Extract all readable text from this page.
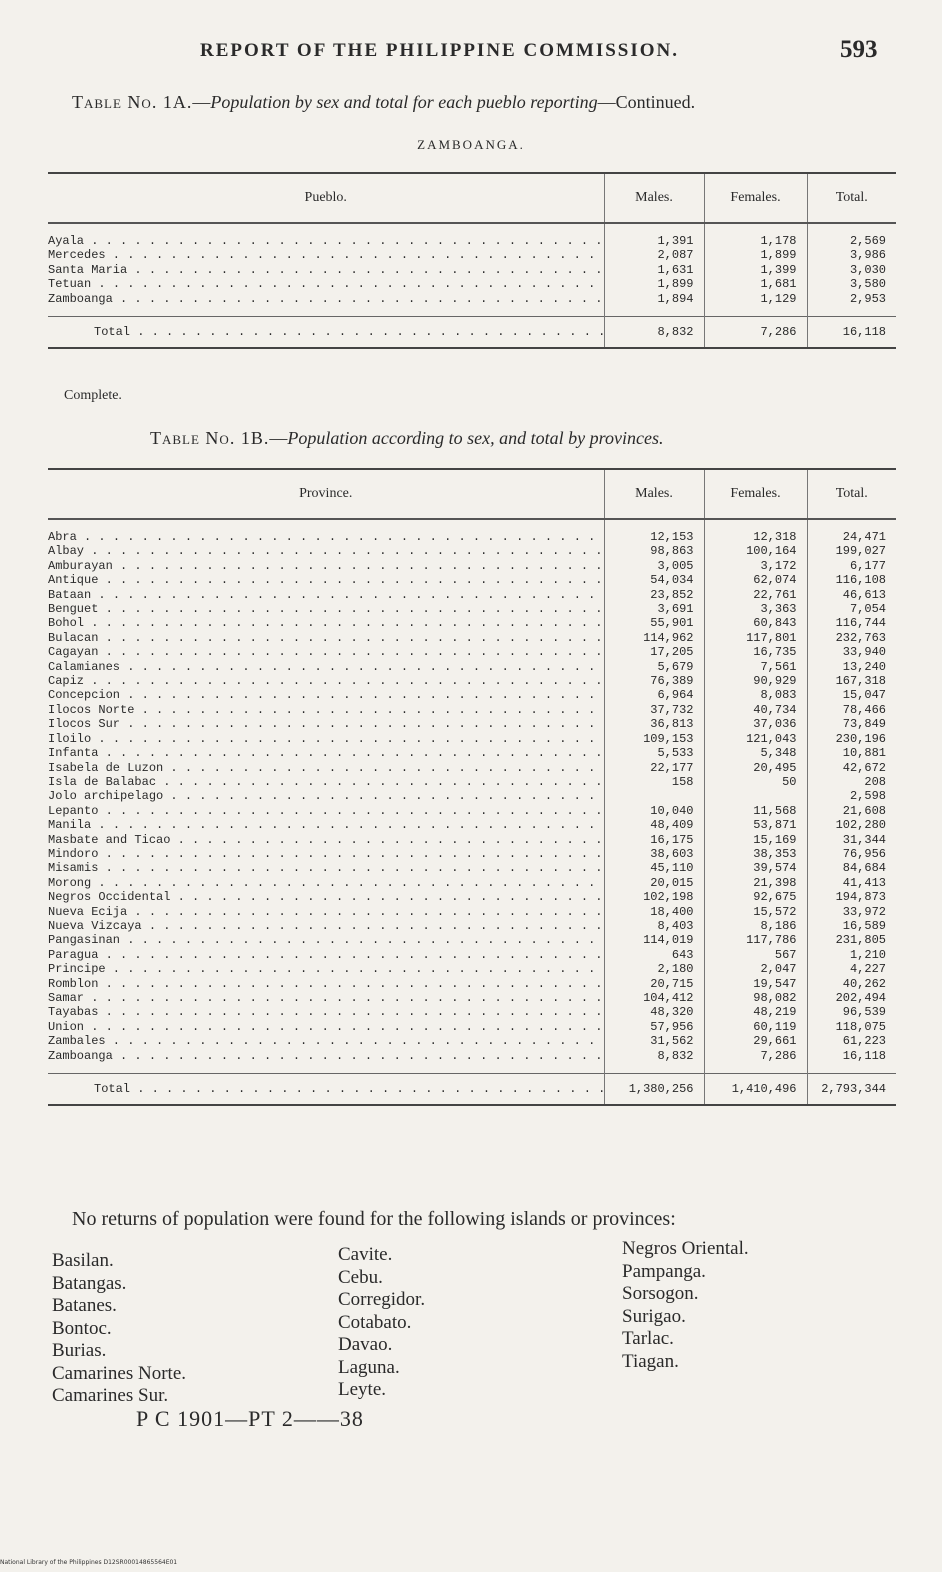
REPORT OF THE PHILIPPINE COMMISSION.	593
Table No. 1A.—Population by sex and total for each pueblo reporting—Continued.
ZAMBOANGA.
Pueblo.	Males.	Females.	Total.

Ayala . . .	1,391	1,178	2,569

Mercedes . . .	2,087	1,899	3,986

Santa Maria . . .	1,631	1,399	3,030

Tetuan . . .	1,899	1,681	3,580

Zamboanga . . .	1,894	1,129	2,953

Total . . .	8,832	7,286	16,118

Complete.
Table No. 1B.—Population according to sex, and total by provinces.
Province.	Males.	Females.	Total.

Abra . . .	12,153	12,318	24,471

Albay . . .	98,863	100,164	199,027

Amburayan . . .	3,005	3,172	6,177

Antique . . .	54,034	62,074	116,108

Bataan . . .	23,852	22,761	46,613

Benguet . . .	3,691	3,363	7,054

Bohol . . .	55,901	60,843	116,744

Bulacan . . .	114,962	117,801	232,763

Cagayan . . .	17,205	16,735	33,940

Calamianes . . .	5,679	7,561	13,240

Capiz . . .	76,389	90,929	167,318

Concepcion . . .	6,964	8,083	15,047

Ilocos Norte . . .	37,732	40,734	78,466

Ilocos Sur . . .	36,813	37,036	73,849

Iloilo . . .	109,153	121,043	230,196

Infanta . . .	5,533	5,348	10,881

Isabela de Luzon . . .	22,177	20,495	42,672

Isla de Balabac . . .	158	50	208

Jolo archipelago . . .			2,598

Lepanto . . .	10,040	11,568	21,608

Manila . . .	48,409	53,871	102,280

Masbate and Ticao . . .	16,175	15,169	31,344

Mindoro . . .	38,603	38,353	76,956

Misamis . . .	45,110	39,574	84,684

Morong . . .	20,015	21,398	41,413

Negros Occidental . . .	102,198	92,675	194,873

Nueva Ecija . . .	18,400	15,572	33,972

Nueva Vizcaya . . .	8,403	8,186	16,589

Pangasinan . . .	114,019	117,786	231,805

Paragua . . .	643	567	1,210

Principe . . .	2,180	2,047	4,227

Romblon . . .	20,715	19,547	40,262

Samar . . .	104,412	98,082	202,494

Tayabas . . .	48,320	48,219	96,539

Union . . .	57,956	60,119	118,075

Zambales . . .	31,562	29,661	61,223

Zamboanga . . .	8,832	7,286	16,118

Total . . .	1,380,256	1,410,496	2,793,344

No returns of population were found for the following islands or provinces:
Basilan.
Batangas.
Batanes.
Bontoc.
Burias.
Camarines Norte.
Camarines Sur.
Cavite.
Cebu.
Corregidor.
Cotabato.
Davao.
Laguna.
Leyte.
Negros Oriental.
Pampanga.
Sorsogon.
Surigao.
Tarlac.
Tiagan.
P C 1901—PT 2——38
National Library of the Philippines D12SR00014865564E01
